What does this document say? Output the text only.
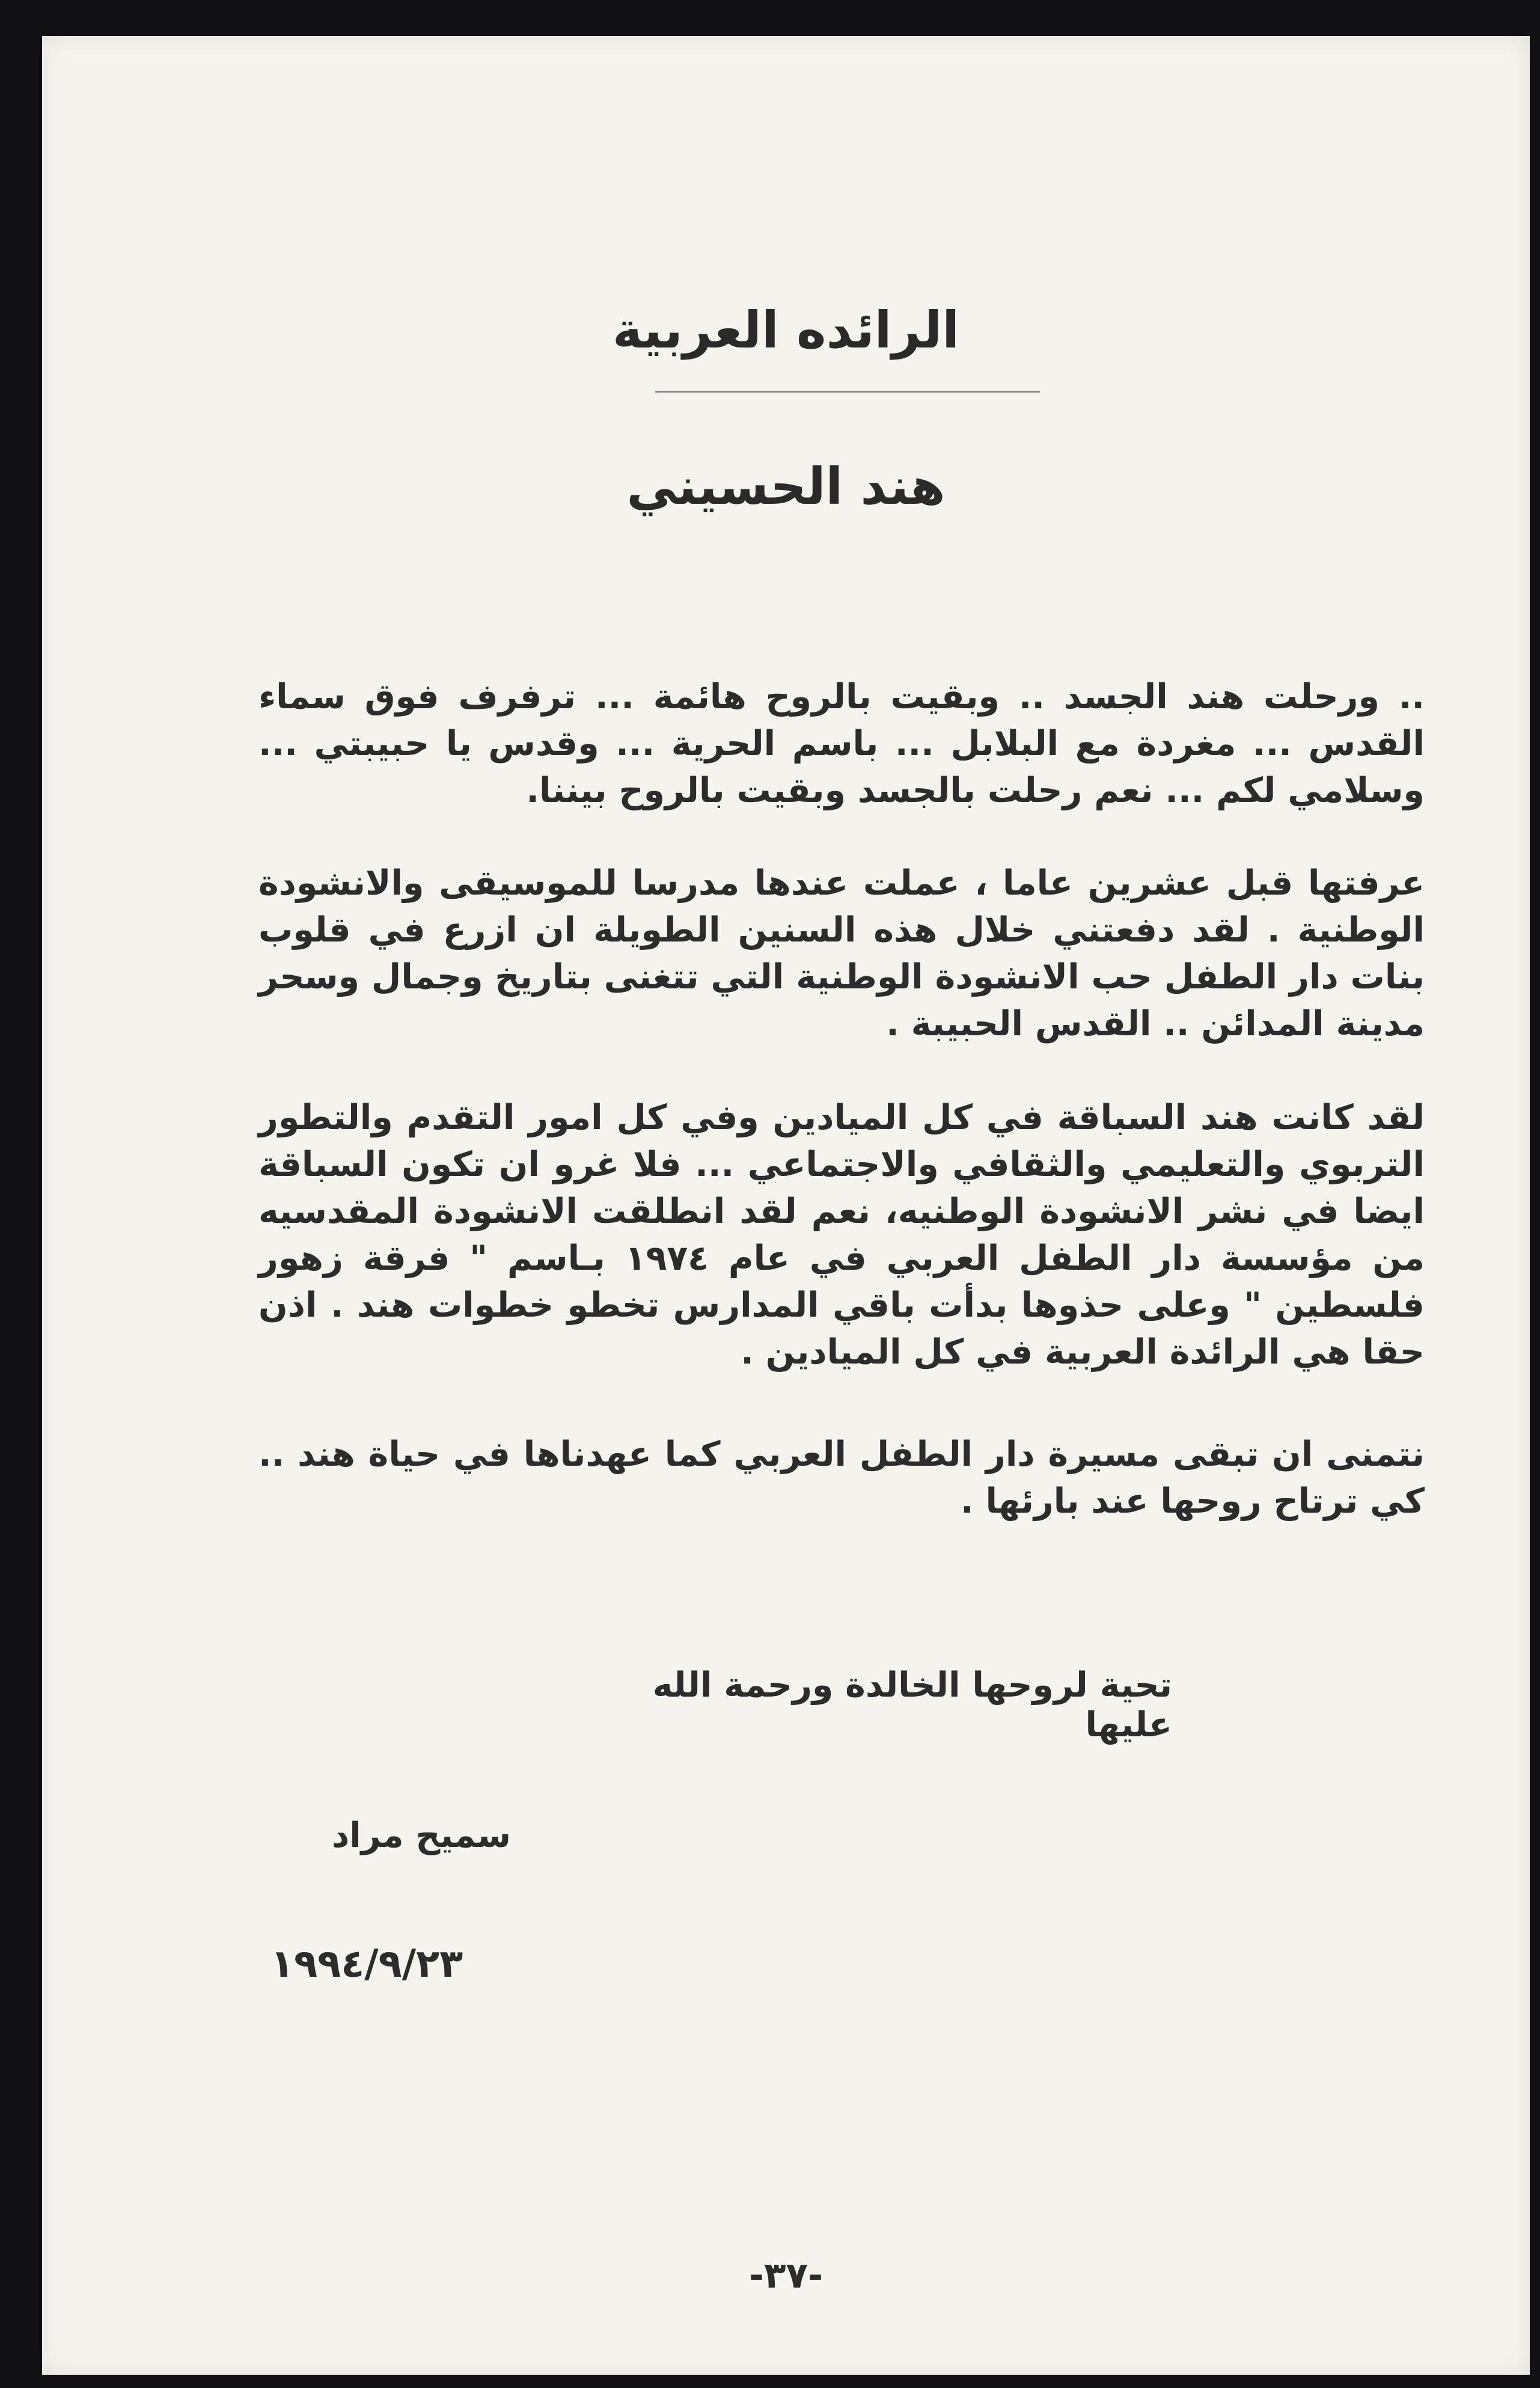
الرائده العربية
هند الحسيني

.. ورحلت هند الجسد .. وبقيت بالروح هائمة ... ترفرف فوق سماء القدس ... مغردة مع البلابل ... باسم الحرية ... وقدس يا حبيبتي ... وسلامي لكم ... نعم رحلت بالجسد وبقيت بالروح بيننا.

عرفتها قبل عشرين عاما ، عملت عندها مدرسا للموسيقى والانشودة الوطنية . لقد دفعتني خلال هذه السنين الطويلة ان ازرع في قلوب بنات دار الطفل حب الانشودة الوطنية التي تتغنى بتاريخ وجمال وسحر مدينة المدائن .. القدس الحبيبة .

لقد كانت هند السباقة في كل الميادين وفي كل امور التقدم والتطور التربوي والتعليمي والثقافي والاجتماعي ... فلا غرو ان تكون السباقة ايضا في نشر الانشودة الوطنيه، نعم لقد انطلقت الانشودة المقدسيه من مؤسسة دار الطفل العربي في عام ١٩٧٤ بـاسم " فرقة زهور فلسطين " وعلى حذوها بدأت باقي المدارس تخطو خطوات هند . اذن حقا هي الرائدة العربية في كل الميادين .

نتمنى ان تبقى مسيرة دار الطفل العربي كما عهدناها في حياة هند .. كي ترتاح روحها عند بارئها .

تحية لروحها الخالدة ورحمة الله عليها

سميح مراد

١٩٩٤/٩/٢٣

-٣٧-
